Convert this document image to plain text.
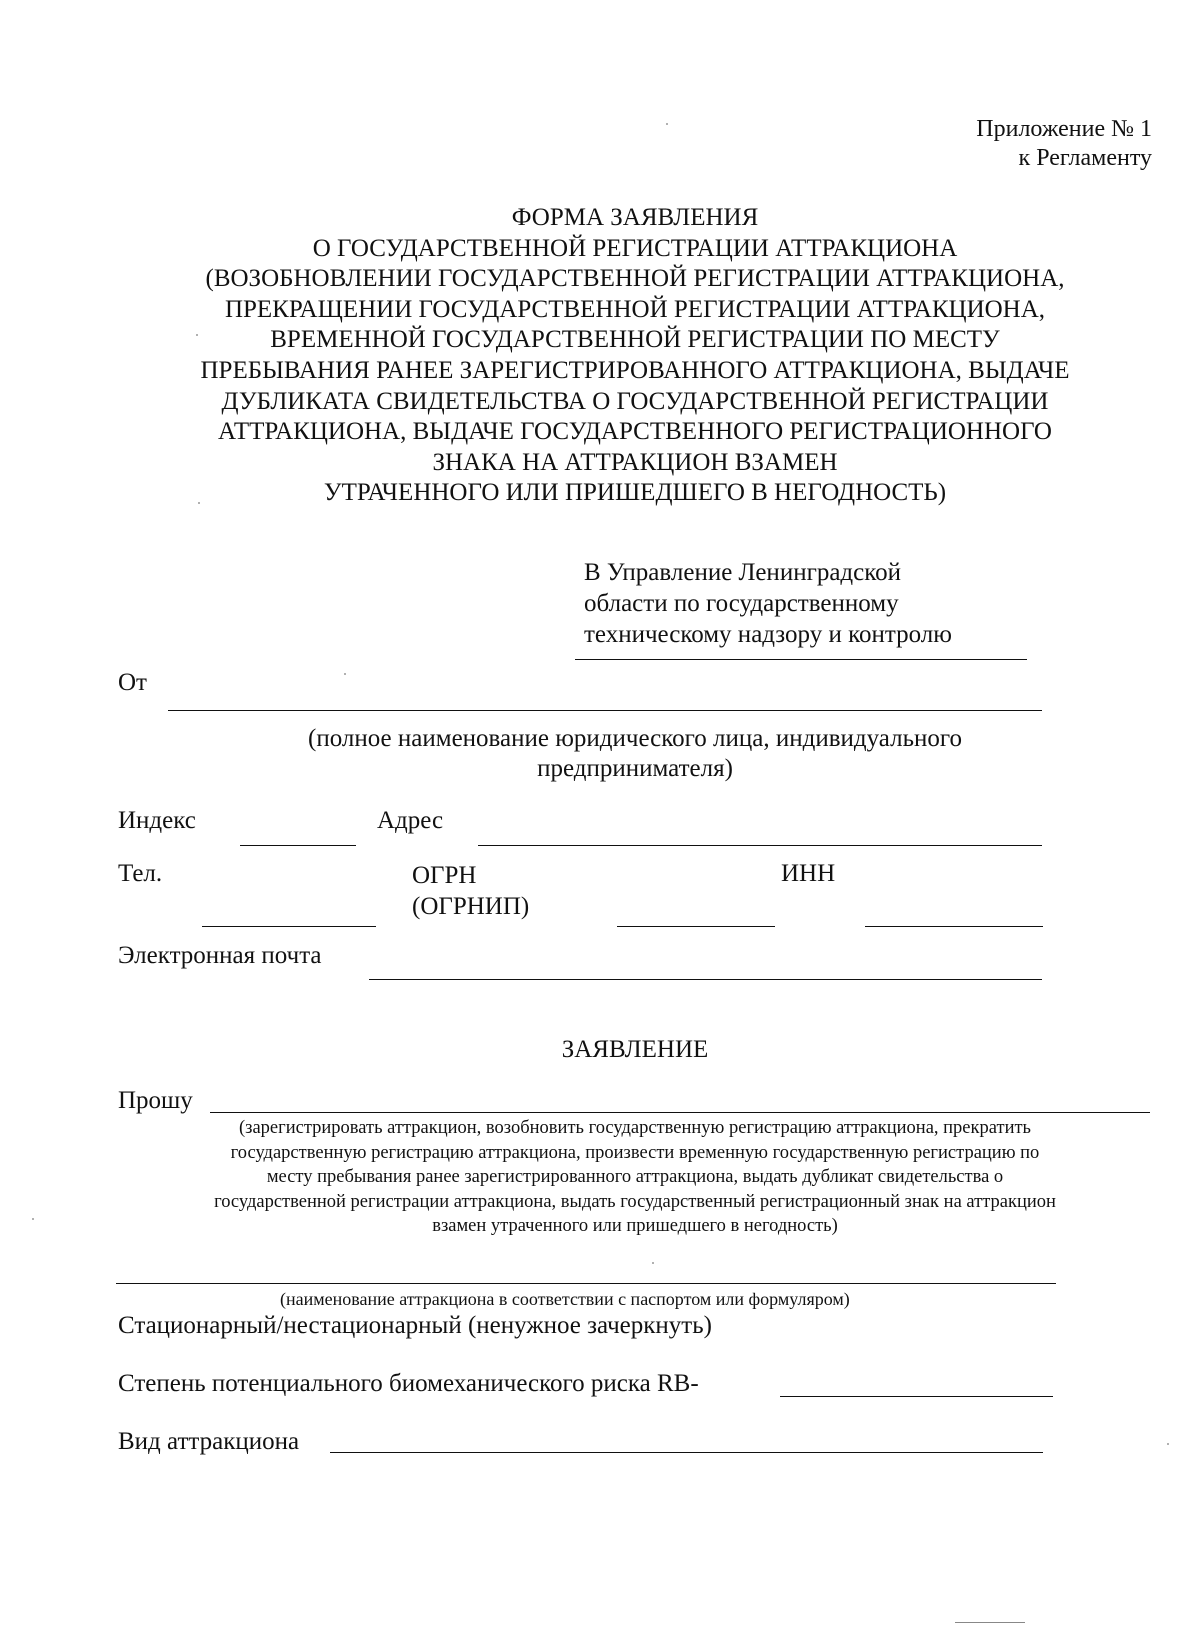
Приложение № 1
к Регламенту
ФОРМА ЗАЯВЛЕНИЯ
О ГОСУДАРСТВЕННОЙ РЕГИСТРАЦИИ АТТРАКЦИОНА
(ВОЗОБНОВЛЕНИИ ГОСУДАРСТВЕННОЙ РЕГИСТРАЦИИ АТТРАКЦИОНА,
ПРЕКРАЩЕНИИ ГОСУДАРСТВЕННОЙ РЕГИСТРАЦИИ АТТРАКЦИОНА,
ВРЕМЕННОЙ ГОСУДАРСТВЕННОЙ РЕГИСТРАЦИИ ПО МЕСТУ
ПРЕБЫВАНИЯ РАНЕЕ ЗАРЕГИСТРИРОВАННОГО АТТРАКЦИОНА, ВЫДАЧЕ
ДУБЛИКАТА СВИДЕТЕЛЬСТВА О ГОСУДАРСТВЕННОЙ РЕГИСТРАЦИИ
АТТРАКЦИОНА, ВЫДАЧЕ ГОСУДАРСТВЕННОГО РЕГИСТРАЦИОННОГО
ЗНАКА НА АТТРАКЦИОН ВЗАМЕН
УТРАЧЕННОГО ИЛИ ПРИШЕДШЕГО В НЕГОДНОСТЬ)
В Управление Ленинградской
области по государственному
техническому надзору и контролю
От
(полное наименование юридического лица, индивидуального
предпринимателя)
Индекс	Адрес
Тел.	ОГРН
(ОГРНИП)
ИНН
Электронная почта
ЗАЯВЛЕНИЕ
Прошу
(зарегистрировать аттракцион, возобновить государственную регистрацию аттракциона, прекратить
государственную регистрацию аттракциона, произвести временную государственную регистрацию по
месту пребывания ранее зарегистрированного аттракциона, выдать дубликат свидетельства о
государственной регистрации аттракциона, выдать государственный регистрационный знак на аттракцион
взамен утраченного или пришедшего в негодность)
(наименование аттракциона в соответствии с паспортом или формуляром)
Стационарный/нестационарный (ненужное зачеркнуть)
Степень потенциального биомеханического риска RB-
Вид аттракциона
